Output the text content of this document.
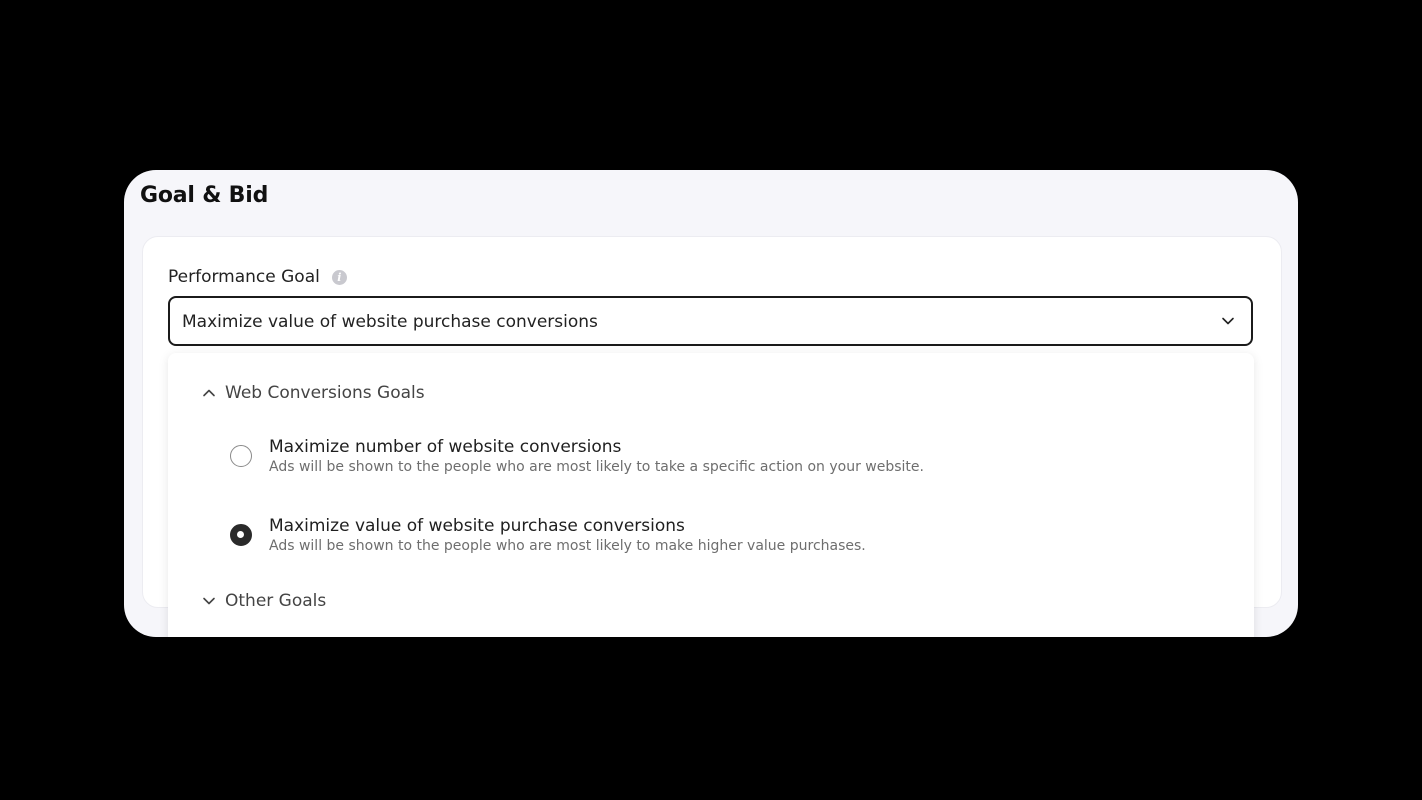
Goal & Bid
Performance Goal	i
Maximize value of website purchase conversions
Web Conversions Goals
Maximize number of website conversions
Ads will be shown to the people who are most likely to take a specific action on your website.
Maximize value of website purchase conversions
Ads will be shown to the people who are most likely to make higher value purchases.
Other Goals
